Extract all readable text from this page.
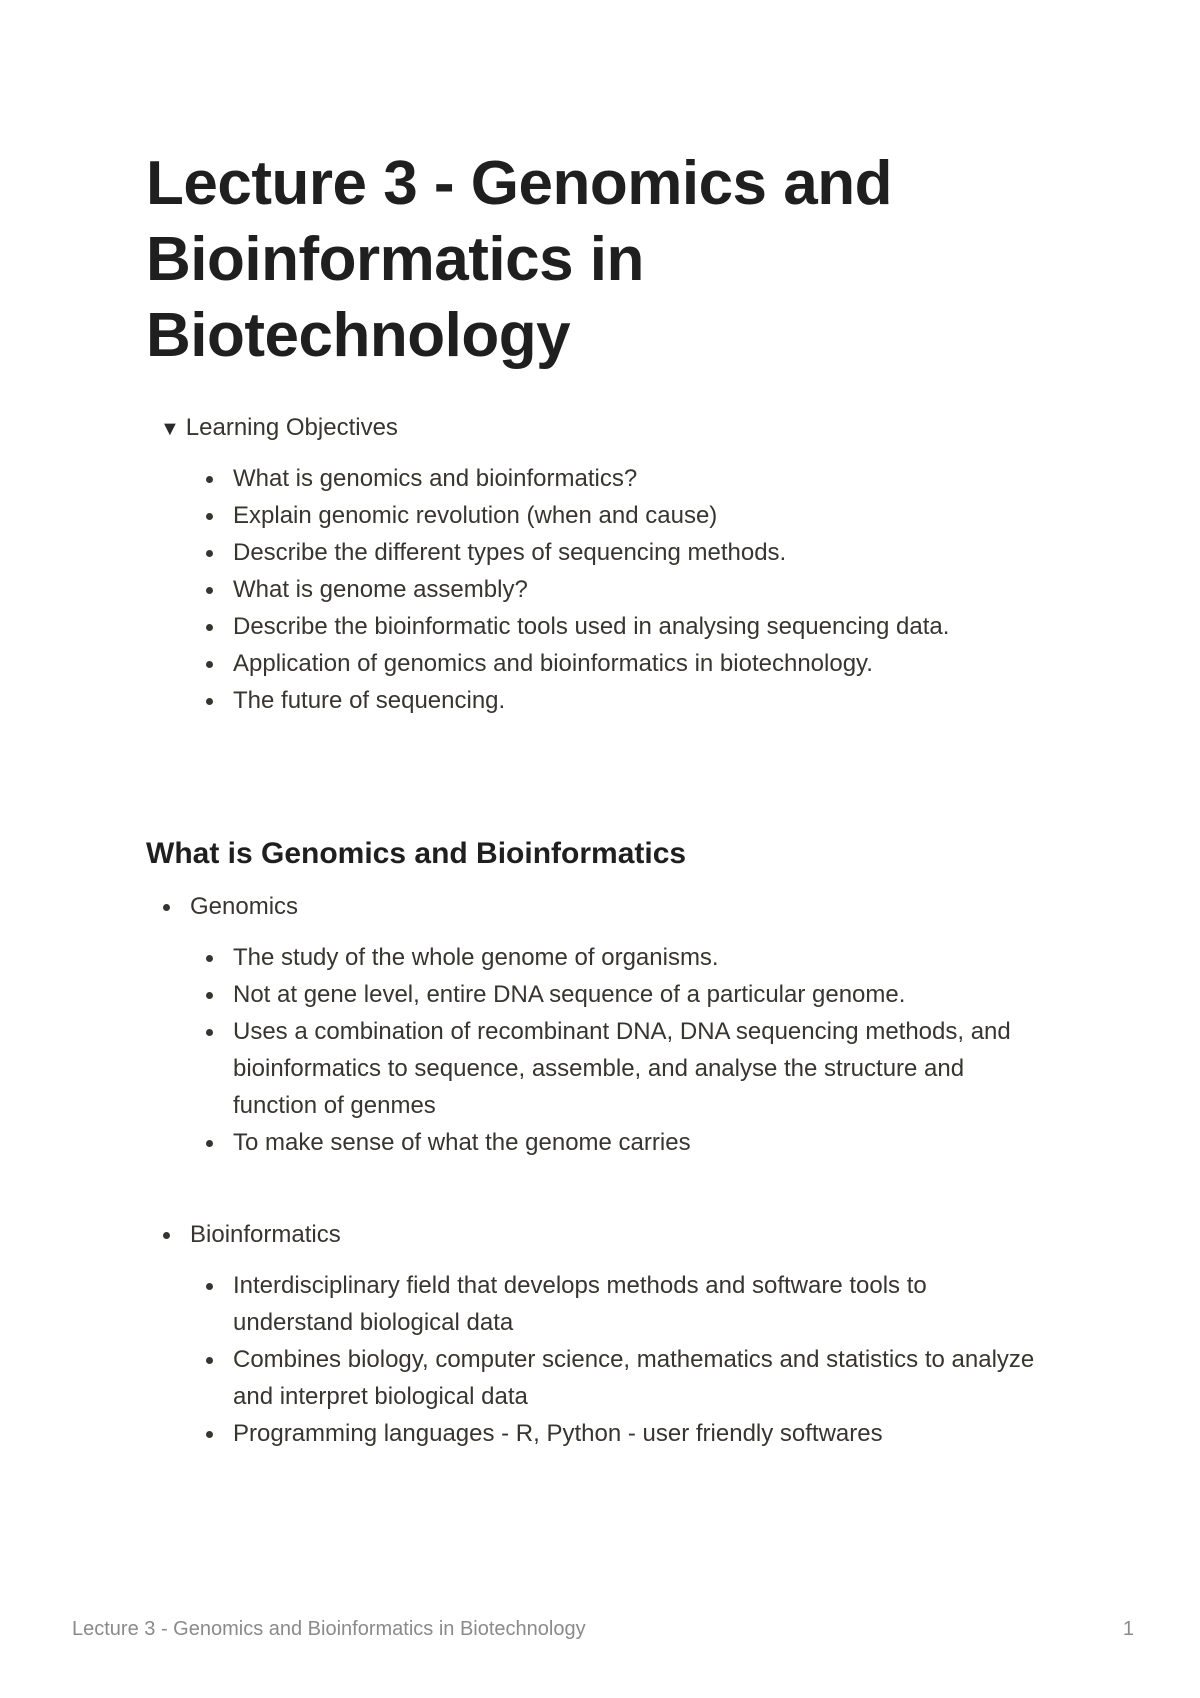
Lecture 3 - Genomics and Bioinformatics in Biotechnology
▼ Learning Objectives
What is genomics and bioinformatics?
Explain genomic revolution (when and cause)
Describe the different types of sequencing methods.
What is genome assembly?
Describe the bioinformatic tools used in analysing sequencing data.
Application of genomics and bioinformatics in biotechnology.
The future of sequencing.
What is Genomics and Bioinformatics
Genomics
The study of the whole genome of organisms.
Not at gene level, entire DNA sequence of a particular genome.
Uses a combination of recombinant DNA, DNA sequencing methods, and bioinformatics to sequence, assemble, and analyse the structure and function of genmes
To make sense of what the genome carries
Bioinformatics
Interdisciplinary field that develops methods and software tools to understand biological data
Combines biology, computer science, mathematics and statistics to analyze and interpret biological data
Programming languages - R, Python - user friendly softwares
Lecture 3 - Genomics and Bioinformatics in Biotechnology	1
